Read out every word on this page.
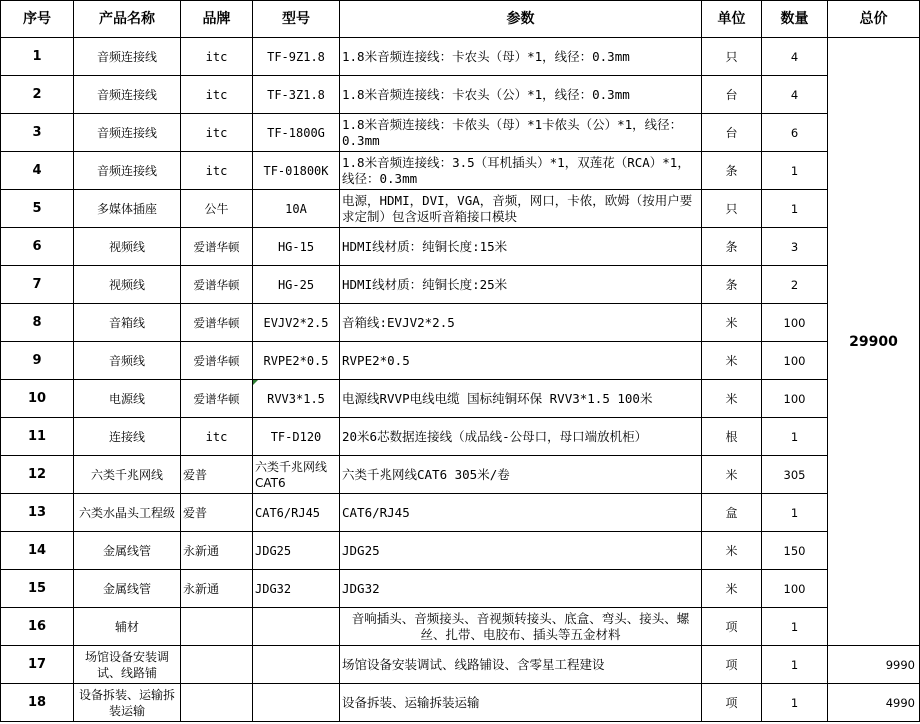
序号	产品名称	品牌	型号	参数	单位	数量	总价
1	音频连接线	itc	TF-9Z1.8	1.8米音频连接线：卡农头（母）*1，线径：0.3mm	只	4	29900
2	音频连接线	itc	TF-3Z1.8	1.8米音频连接线：卡农头（公）*1，线径：0.3mm	台	4	
3	音频连接线	itc	TF-1800G	1.8米音频连接线：卡侬头（母）*1卡侬头（公）*1，线径：0.3mm	台	6	
4	音频连接线	itc	TF-01800K	1.8米音频连接线：3.5（耳机插头）*1，双莲花（RCA）*1，线径：0.3mm	条	1	
5	多媒体插座	公牛	10A	电源，HDMI，DVI，VGA，音频，网口，卡侬，欧姆（按用户要求定制）包含返听音箱接口模块	只	1	
6	视频线	爱谱华顿	HG-15	HDMI线材质：纯铜长度:15米	条	3	
7	视频线	爱谱华顿	HG-25	HDMI线材质：纯铜长度:25米	条	2	
8	音箱线	爱谱华顿	EVJV2*2.5	音箱线:EVJV2*2.5	米	100	
9	音频线	爱谱华顿	RVPE2*0.5	RVPE2*0.5	米	100	
10	电源线	爱谱华顿	RVV3*1.5	电源线RVVP电线电缆 国标纯铜环保 RVV3*1.5 100米	米	100	
11	连接线	itc	TF-D120	20米6芯数据连接线（成品线-公母口，母口端放机柜）	根	1	
12	六类千兆网线	爱普	六类千兆网线CAT6	六类千兆网线CAT6 305米/卷	米	305	
13	六类水晶头工程级	爱普	CAT6/RJ45	CAT6/RJ45	盒	1	
14	金属线管	永新通	JDG25	JDG25	米	150	
15	金属线管	永新通	JDG32	JDG32	米	100	
16	辅材			音响插头、音频接头、音视频转接头、底盒、弯头、接头、螺丝、扎带、电胶布、插头等五金材料	项	1	
17	场馆设备安装调试、线路铺			场馆设备安装调试、线路铺设、含零星工程建设	项	1	9990
18	设备拆装、运输拆装运输			设备拆装、运输拆装运输	项	1	4990
